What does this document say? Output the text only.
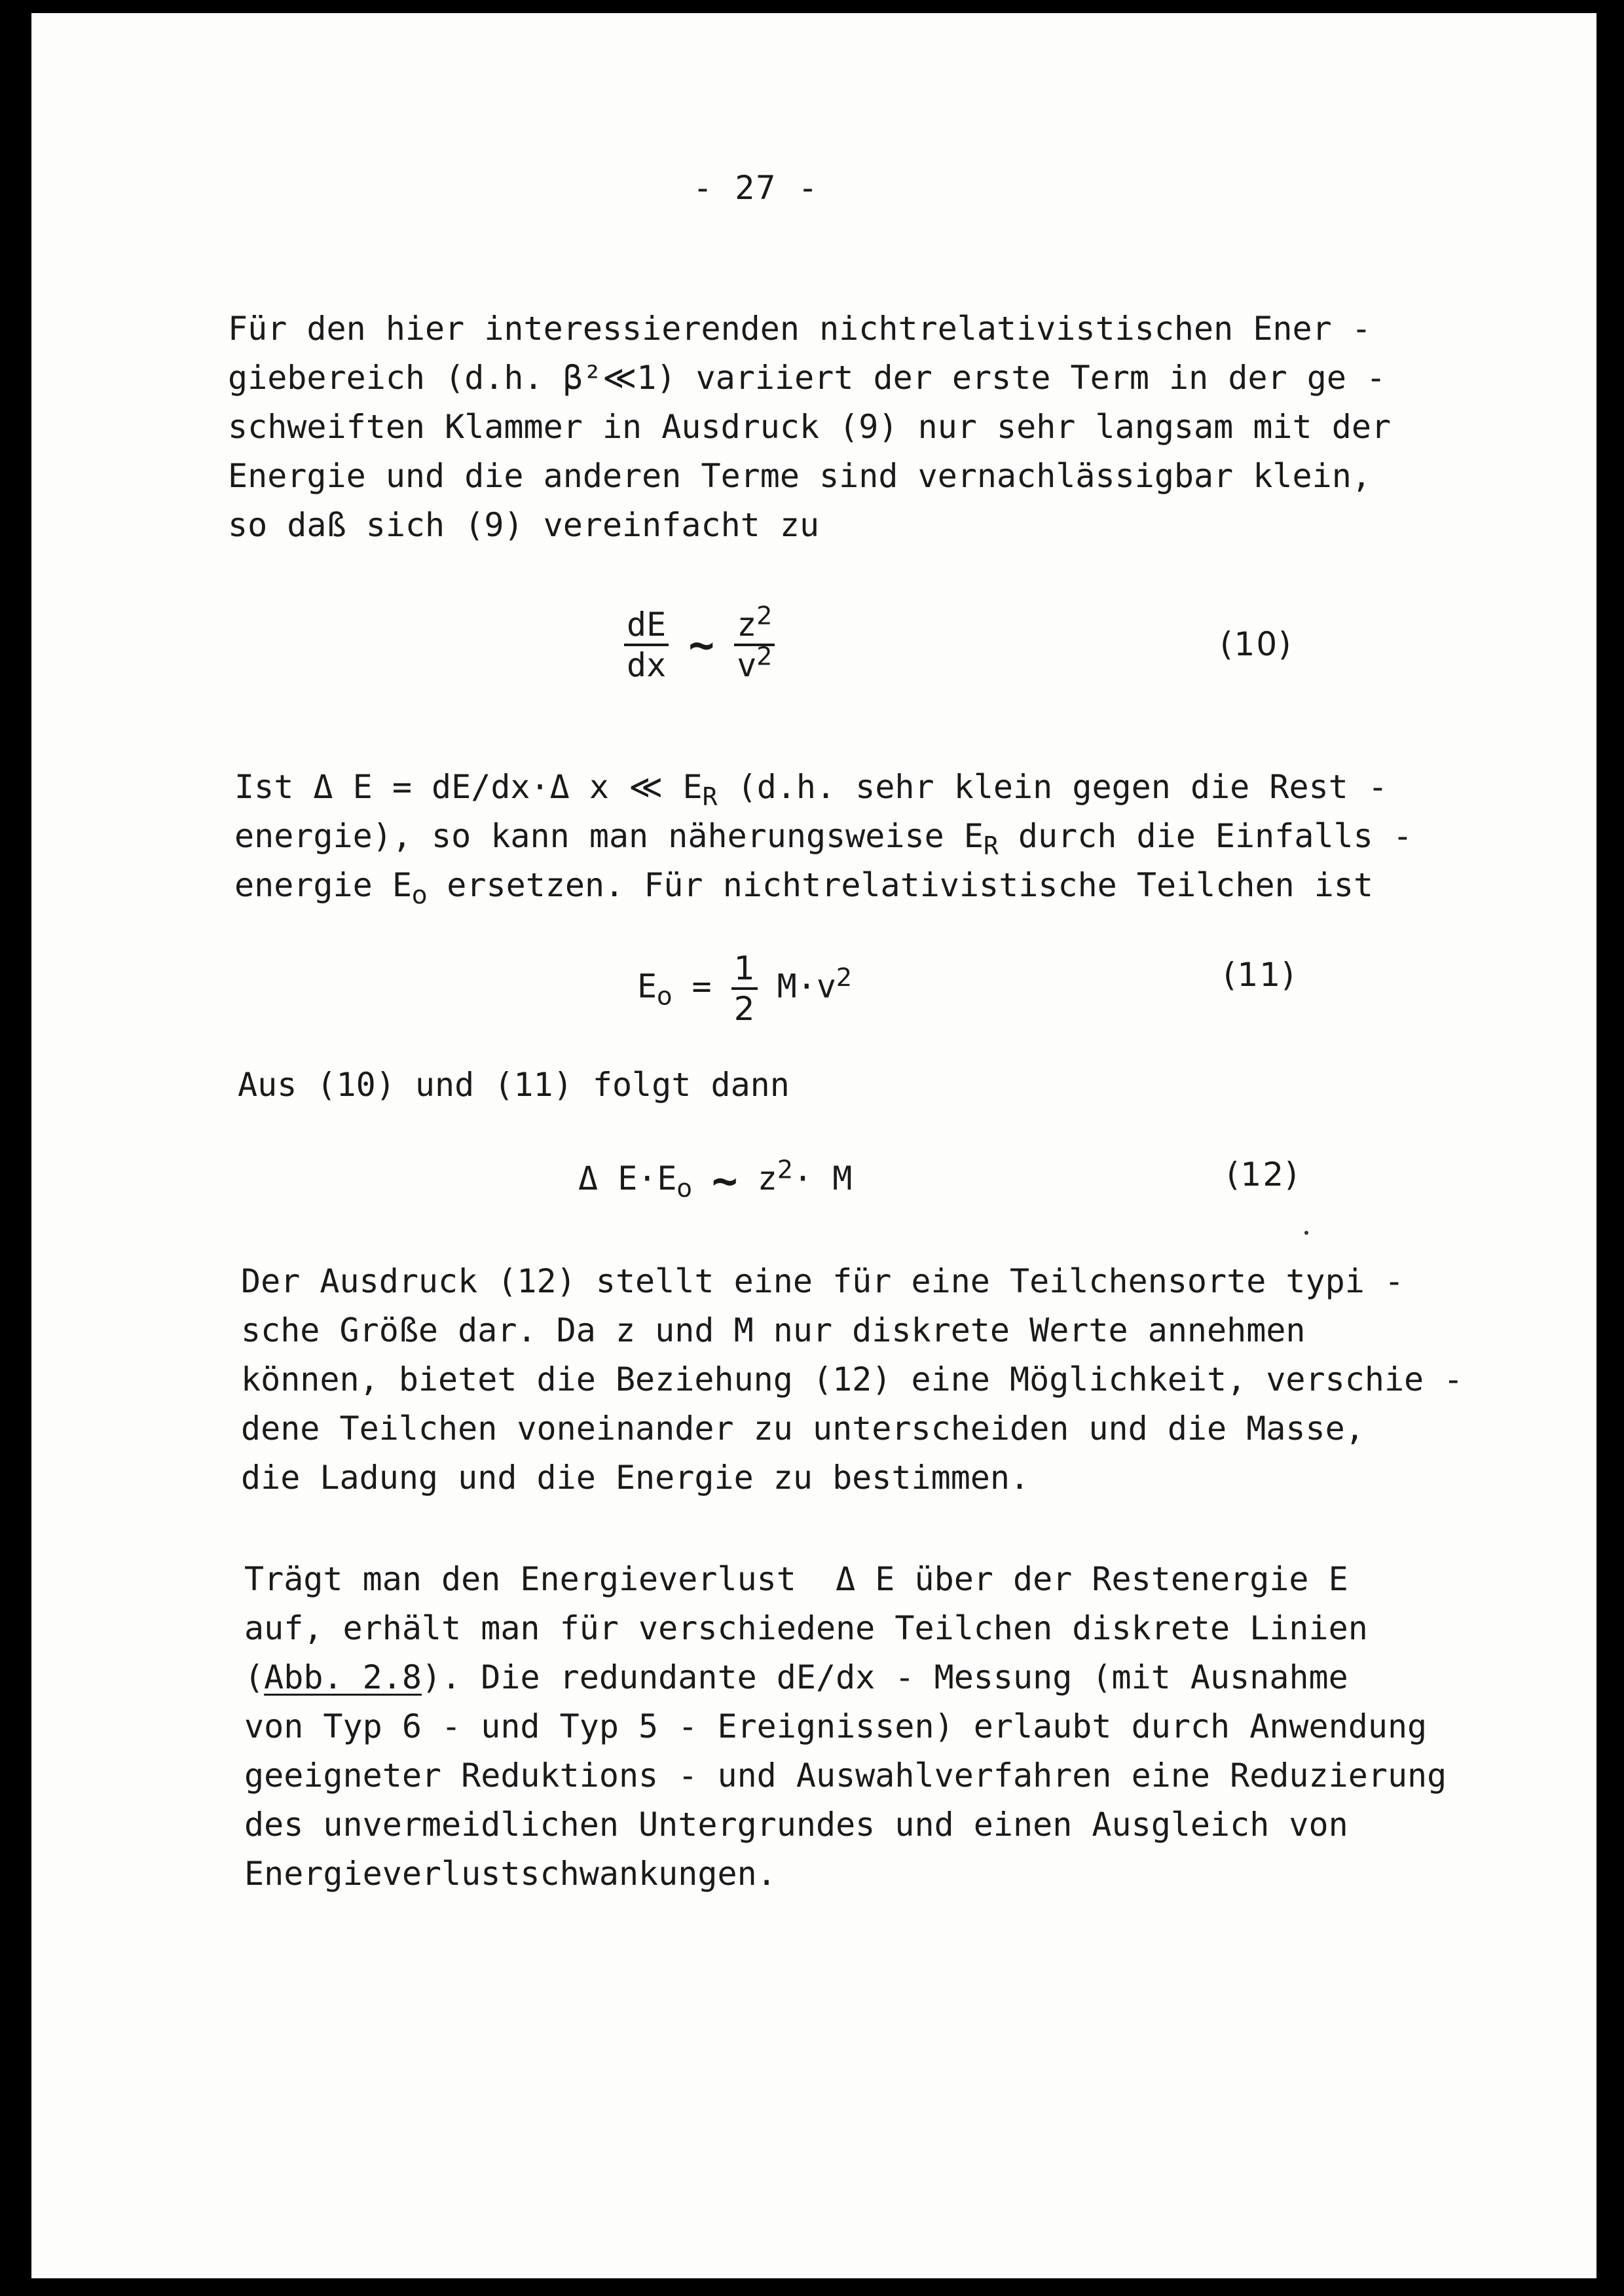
- 27 -
Für den hier interessierenden nichtrelativistischen Ener -
giebereich (d.h. β²≪1) variiert der erste Term in der ge -
schweiften Klammer in Ausdruck (9) nur sehr langsam mit der
Energie und die anderen Terme sind vernachlässigbar klein,
so daß sich (9) vereinfacht zu
$\frac{dE}{dx}$ ~ $\frac{z^2}{v^2}$	(10)
Ist Δ E = dE/dx·Δ x ≪ $E_R$ (d.h. sehr klein gegen die Rest -
energie), so kann man näherungsweise $E_R$ durch die Einfalls -
energie $E_o$ ersetzen. Für nichtrelativistische Teilchen ist
$E_o = \frac{1}{2} M\cdot v^2$	(11)
Aus (10) und (11) folgt dann
Δ $E\cdot E_o$ ~ $z^2\cdot M$	(12)
Der Ausdruck (12) stellt eine für eine Teilchensorte typi -
sche Größe dar. Da z und M nur diskrete Werte annehmen
können, bietet die Beziehung (12) eine Möglichkeit, verschie -
dene Teilchen voneinander zu unterscheiden und die Masse,
die Ladung und die Energie zu bestimmen.
Trägt man den Energieverlust  Δ E über der Restenergie E
auf, erhält man für verschiedene Teilchen diskrete Linien
(Abb. 2.8). Die redundante dE/dx - Messung (mit Ausnahme
von Typ 6 - und Typ 5 - Ereignissen) erlaubt durch Anwendung
geeigneter Reduktions - und Auswahlverfahren eine Reduzierung
des unvermeidlichen Untergrundes und einen Ausgleich von
Energieverlustschwankungen.
